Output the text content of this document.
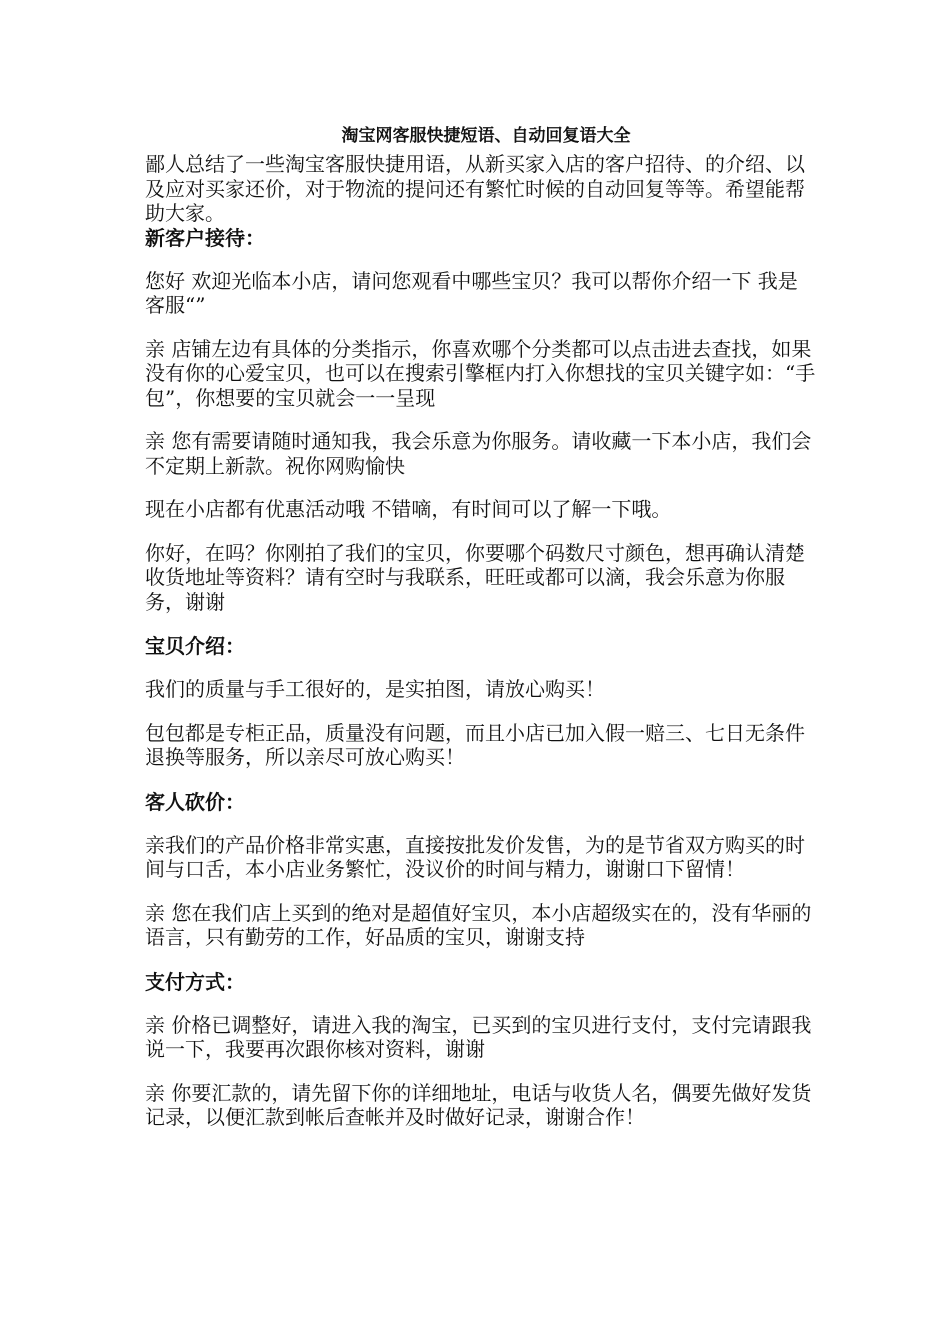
淘宝网客服快捷短语、自动回复语大全

鄙人总结了一些淘宝客服快捷用语，从新买家入店的客户招待、的介绍、以及应对买家还价，对于物流的提问还有繁忙时候的自动回复等等。希望能帮助大家。

新客户接待：

您好 欢迎光临本小店，请问您观看中哪些宝贝？我可以帮你介绍一下 我是客服“”

亲 店铺左边有具体的分类指示，你喜欢哪个分类都可以点击进去查找，如果没有你的心爱宝贝，也可以在搜索引擎框内打入你想找的宝贝关键字如：“手包”，你想要的宝贝就会一一呈现

亲 您有需要请随时通知我，我会乐意为你服务。请收藏一下本小店，我们会不定期上新款。祝你网购愉快

现在小店都有优惠活动哦 不错嘀，有时间可以了解一下哦。

你好，在吗？你刚拍了我们的宝贝，你要哪个码数尺寸颜色，想再确认清楚收货地址等资料？请有空时与我联系，旺旺或都可以滴，我会乐意为你服务，谢谢

宝贝介绍：

我们的质量与手工很好的，是实拍图，请放心购买！

包包都是专柜正品，质量没有问题，而且小店已加入假一赔三、七日无条件退换等服务，所以亲尽可放心购买！

客人砍价：

亲我们的产品价格非常实惠，直接按批发价发售，为的是节省双方购买的时间与口舌，本小店业务繁忙，没议价的时间与精力，谢谢口下留情！

亲 您在我们店上买到的绝对是超值好宝贝，本小店超级实在的，没有华丽的语言，只有勤劳的工作，好品质的宝贝，谢谢支持

支付方式：

亲 价格已调整好，请进入我的淘宝，已买到的宝贝进行支付，支付完请跟我说一下，我要再次跟你核对资料，谢谢

亲 你要汇款的，请先留下你的详细地址，电话与收货人名，偶要先做好发货记录，以便汇款到帐后查帐并及时做好记录，谢谢合作！
